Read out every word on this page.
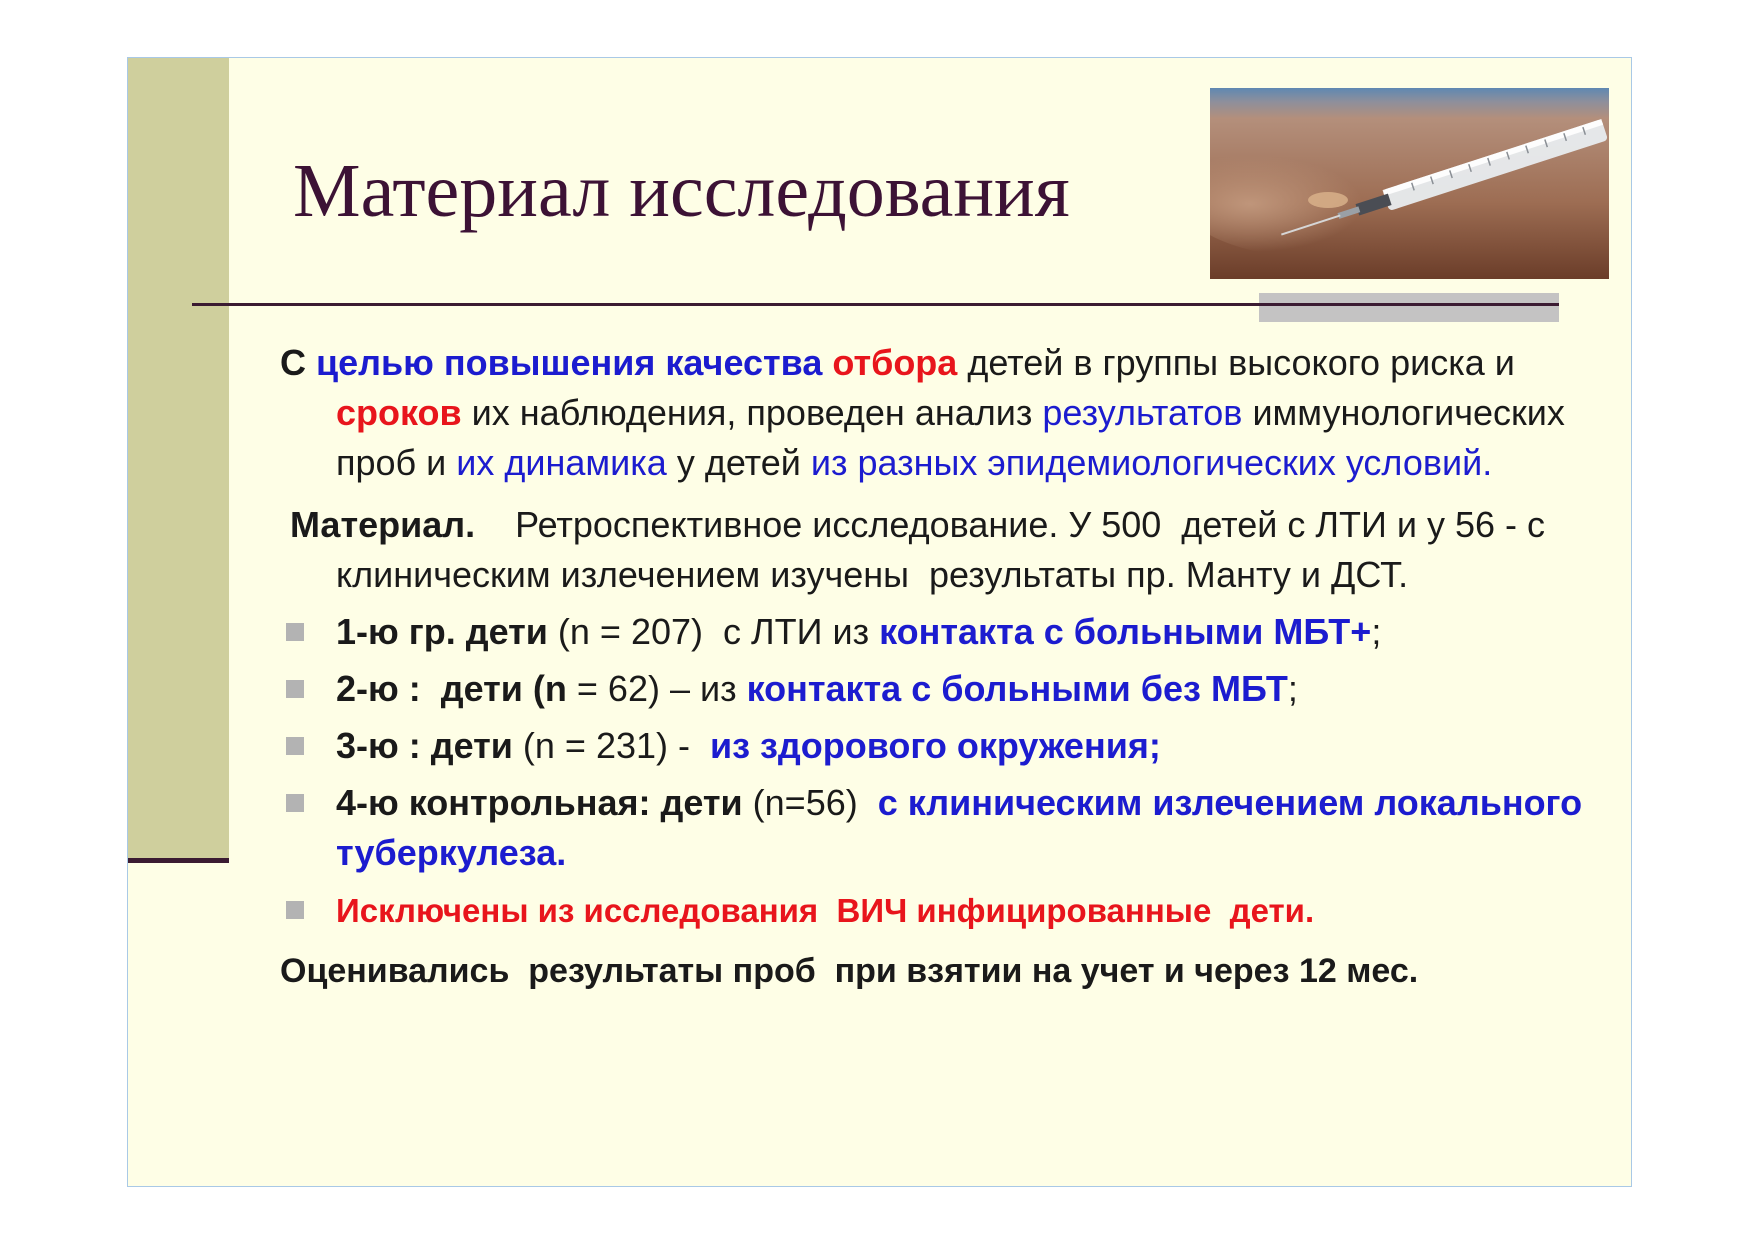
Материал исследования

С целью повышения качества отбора детей в группы высокого риска и сроков их наблюдения, проведен анализ результатов иммунологических проб и их динамика у детей из разных эпидемиологических условий.

Материал.    Ретроспективное исследование. У 500  детей с ЛТИ и у 56 - с клиническим излечением изучены  результаты пр. Манту и ДСТ.

1-ю гр. дети (n = 207)  с ЛТИ из контакта с больными МБТ+;
2-ю :  дети (n = 62) – из контакта с больными без МБТ;
3-ю : дети (n = 231) -  из здорового окружения;
4-ю контрольная: дети (n=56)  с клиническим излечением локального туберкулеза.
Исключены из исследования  ВИЧ инфицированные  дети.

Оценивались  результаты проб  при взятии на учет и через 12 мес.
